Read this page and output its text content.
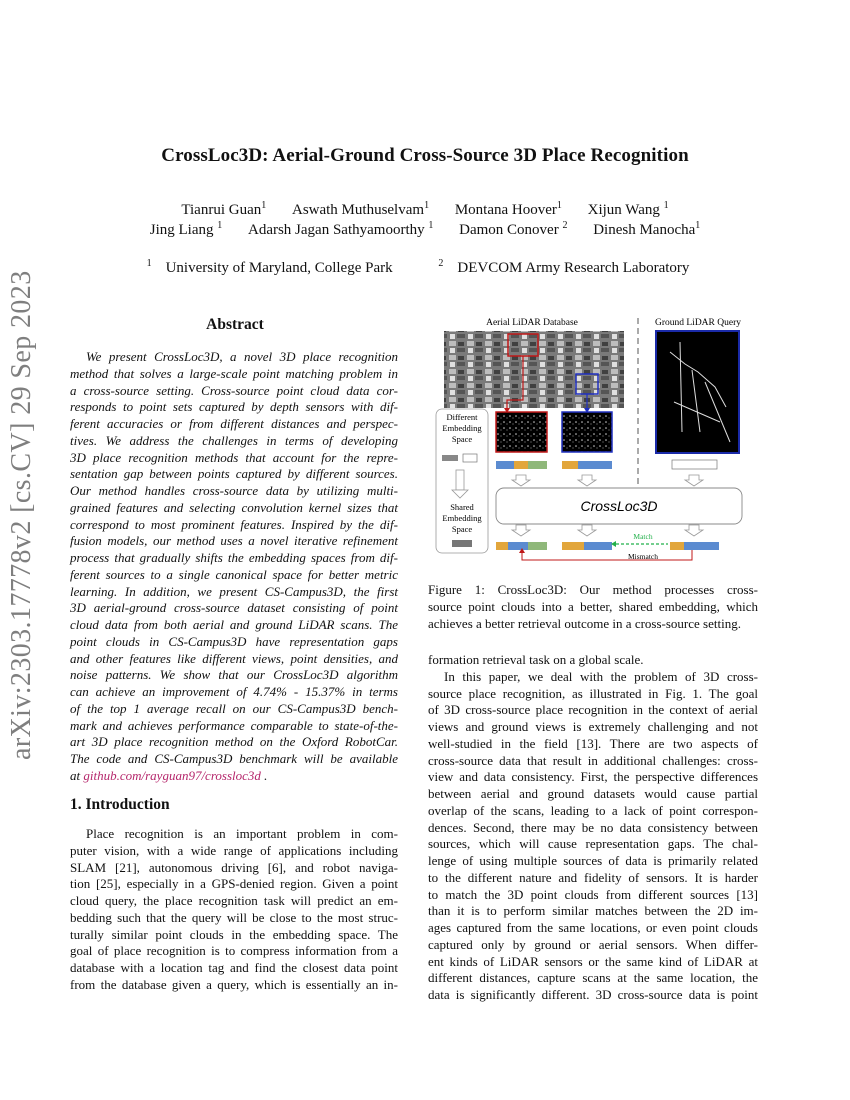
CrossLoc3D: Aerial-Ground Cross-Source 3D Place Recognition
Tianrui Guan$^1$ Aswath Muthuselvam$^1$ Montana Hoover$^1$ Xijun Wang $^1$
Jing Liang $^1$ Adarsh Jagan Sathyamoorthy $^1$ Damon Conover $^2$ Dinesh Manocha$^1$
$^1$ University of Maryland, College Park	$^2$ DEVCOM Army Research Laboratory
arXiv:2303.17778v2 [cs.CV] 29 Sep 2023	Abstract
We present CrossLoc3D, a novel 3D place recognition
method that solves a large-scale point matching problem in
a cross-source setting. Cross-source point cloud data cor-
responds to point sets captured by depth sensors with dif-
ferent accuracies or from different distances and perspec-
tives. We address the challenges in terms of developing
3D place recognition methods that account for the repre-
sentation gap between points captured by different sources.
Our method handles cross-source data by utilizing multi-
grained features and selecting convolution kernel sizes that
correspond to most prominent features. Inspired by the dif-
fusion models, our method uses a novel iterative refinement
process that gradually shifts the embedding spaces from dif-
ferent sources to a single canonical space for better metric
learning. In addition, we present CS-Campus3D, the first
3D aerial-ground cross-source dataset consisting of point
cloud data from both aerial and ground LiDAR scans. The
point clouds in CS-Campus3D have representation gaps
and other features like different views, point densities, and
noise patterns. We show that our CrossLoc3D algorithm
can achieve an improvement of 4.74% - 15.37% in terms
of the top 1 average recall on our CS-Campus3D bench-
mark and achieves performance comparable to state-of-the-
art 3D place recognition method on the Oxford RobotCar.
The code and CS-Campus3D benchmark will be available
at github.com/rayguan97/crossloc3d .
1. Introduction
Place recognition is an important problem in com-
puter vision, with a wide range of applications including
SLAM [21], autonomous driving [6], and robot naviga-
tion [25], especially in a GPS-denied region. Given a point
cloud query, the place recognition task will predict an em-
bedding such that the query will be close to the most struc-
turally similar point clouds in the embedding space. The
goal of place recognition is to compress information from a
database with a location tag and find the closest data point
from the database given a query, which is essentially an in-
Aerial LiDAR Database	Ground LiDAR Query
Different
Embedding
Space
Shared
Embedding
Space
CrossLoc3D
Match
Mismatch
Figure 1: CrossLoc3D: Our method processes cross-
source point clouds into a better, shared embedding, which
achieves a better retrieval outcome in a cross-source setting.
formation retrieval task on a global scale.
In this paper, we deal with the problem of 3D cross-
source place recognition, as illustrated in Fig. 1. The goal
of 3D cross-source place recognition in the context of aerial
views and ground views is extremely challenging and not
well-studied in the field [13]. There are two aspects of
cross-source data that result in additional challenges: cross-
view and data consistency. First, the perspective differences
between aerial and ground datasets would cause partial
overlap of the scans, leading to a lack of point correspon-
dences. Second, there may be no data consistency between
sources, which will cause representation gaps. The chal-
lenge of using multiple sources of data is primarily related
to the different nature and fidelity of sensors. It is harder
to match the 3D point clouds from different sources [13]
than it is to perform similar matches between the 2D im-
ages captured from the same locations, or even point clouds
captured only by ground or aerial sensors. When differ-
ent kinds of LiDAR sensors or the same kind of LiDAR at
different distances, capture scans at the same location, the
data is significantly different. 3D cross-source data is point
